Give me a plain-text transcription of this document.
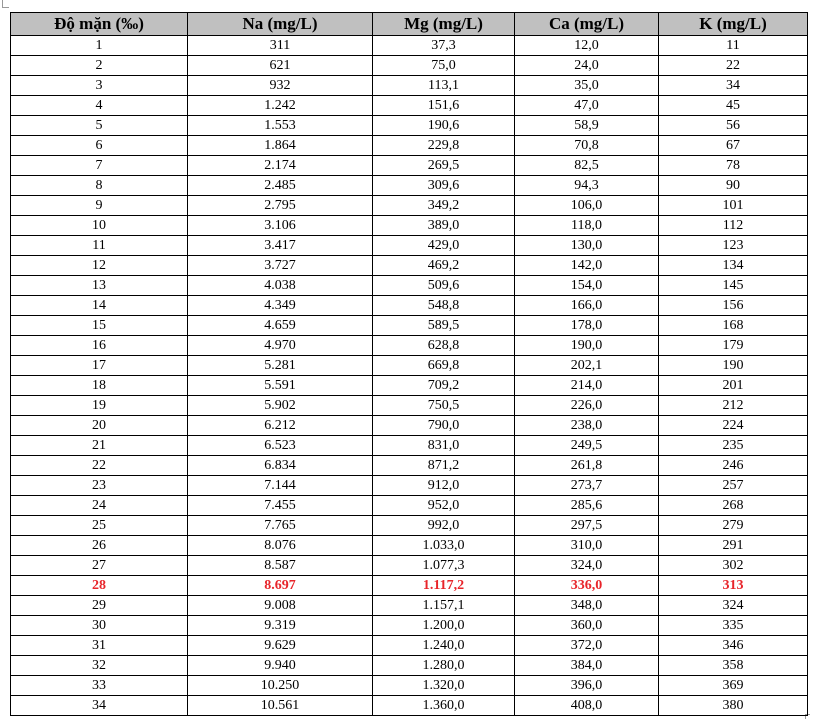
Độ mặn (‰)	Na (mg/L)	Mg (mg/L)	Ca (mg/L)	K (mg/L)
1	311	37,3	12,0	11
2	621	75,0	24,0	22
3	932	113,1	35,0	34
4	1.242	151,6	47,0	45
5	1.553	190,6	58,9	56
6	1.864	229,8	70,8	67
7	2.174	269,5	82,5	78
8	2.485	309,6	94,3	90
9	2.795	349,2	106,0	101
10	3.106	389,0	118,0	112
11	3.417	429,0	130,0	123
12	3.727	469,2	142,0	134
13	4.038	509,6	154,0	145
14	4.349	548,8	166,0	156
15	4.659	589,5	178,0	168
16	4.970	628,8	190,0	179
17	5.281	669,8	202,1	190
18	5.591	709,2	214,0	201
19	5.902	750,5	226,0	212
20	6.212	790,0	238,0	224
21	6.523	831,0	249,5	235
22	6.834	871,2	261,8	246
23	7.144	912,0	273,7	257
24	7.455	952,0	285,6	268
25	7.765	992,0	297,5	279
26	8.076	1.033,0	310,0	291
27	8.587	1.077,3	324,0	302
28	8.697	1.117,2	336,0	313
29	9.008	1.157,1	348,0	324
30	9.319	1.200,0	360,0	335
31	9.629	1.240,0	372,0	346
32	9.940	1.280,0	384,0	358
33	10.250	1.320,0	396,0	369
34	10.561	1.360,0	408,0	380
